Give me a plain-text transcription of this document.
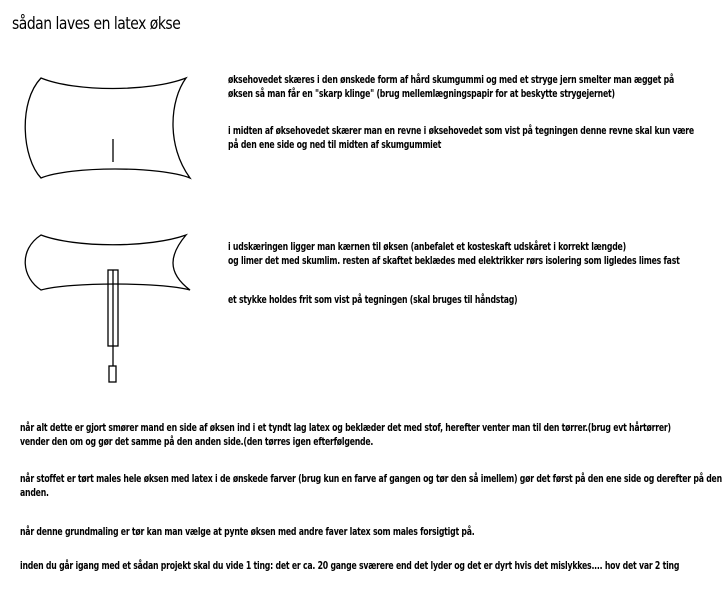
sådan laves en latex økse

øksehovedet skæres i den ønskede form af hård skumgummi og med et stryge jern smelter man ægget på
øksen så man får en "skarp klinge" (brug mellemlægningspapir for at beskytte strygejernet)

i midten af øksehovedet skærer man en revne i øksehovedet som vist på tegningen denne revne skal kun være
på den ene side og ned til midten af skumgummiet

i udskæringen ligger man kærnen til øksen (anbefalet et kosteskaft udskåret i korrekt længde)
og limer det med skumlim. resten af skaftet beklædes med elektrikker rørs isolering som ligledes limes fast

et stykke holdes frit som vist på tegningen (skal bruges til håndstag)

når alt dette er gjort smører mand en side af øksen ind i et tyndt lag latex og beklæder det med stof, herefter venter man til den tørrer.(brug evt hårtørrer)
vender den om og gør det samme på den anden side.(den tørres igen efterfølgende.

når stoffet er tørt males hele øksen med latex i de ønskede farver (brug kun en farve af gangen og tør den så imellem) gør det først på den ene side og derefter på den
anden.

når denne grundmaling er tør kan man vælge at pynte øksen med andre faver latex som males forsigtigt på.

inden du går igang med et sådan projekt skal du vide 1 ting: det er ca. 20 gange sværere end det lyder og det er dyrt hvis det mislykkes.... hov det var 2 ting
